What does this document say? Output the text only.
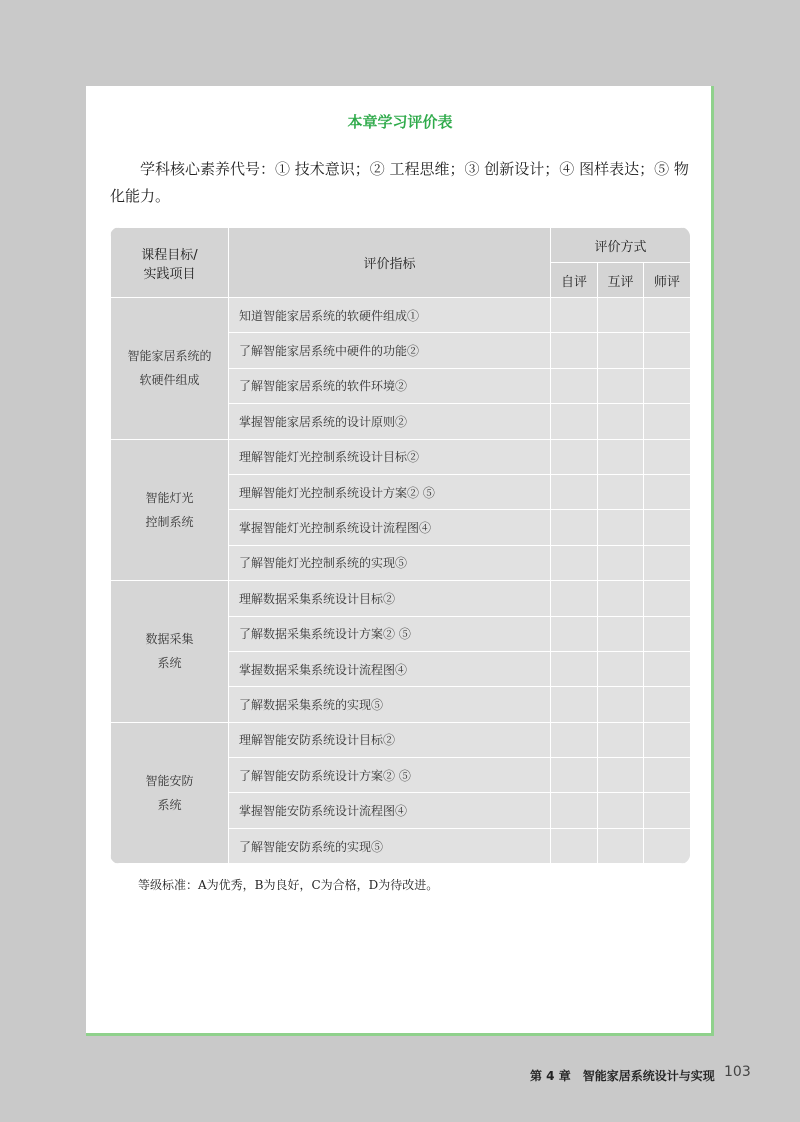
本章学习评价表

学科核心素养代号：① 技术意识；② 工程思维；③ 创新设计；④ 图样表达；⑤ 物化能力。

课程目标/
实践项目	评价指标	评价方式		
		自评	互评	师评
智能家居系统的
软硬件组成	知道智能家居系统的软硬件组成①			
	了解智能家居系统中硬件的功能②			
	了解智能家居系统的软件环境②			
	掌握智能家居系统的设计原则②			
智能灯光
控制系统	理解智能灯光控制系统设计目标②			
	理解智能灯光控制系统设计方案② ⑤			
	掌握智能灯光控制系统设计流程图④			
	了解智能灯光控制系统的实现⑤			
数据采集
系统	理解数据采集系统设计目标②			
	了解数据采集系统设计方案② ⑤			
	掌握数据采集系统设计流程图④			
	了解数据采集系统的实现⑤			
智能安防
系统	理解智能安防系统设计目标②			
	了解智能安防系统设计方案② ⑤			
	掌握智能安防系统设计流程图④			
	了解智能安防系统的实现⑤			
等级标准：A为优秀，B为良好，C为合格，D为待改进。
第 4 章　智能家居系统设计与实现 103
